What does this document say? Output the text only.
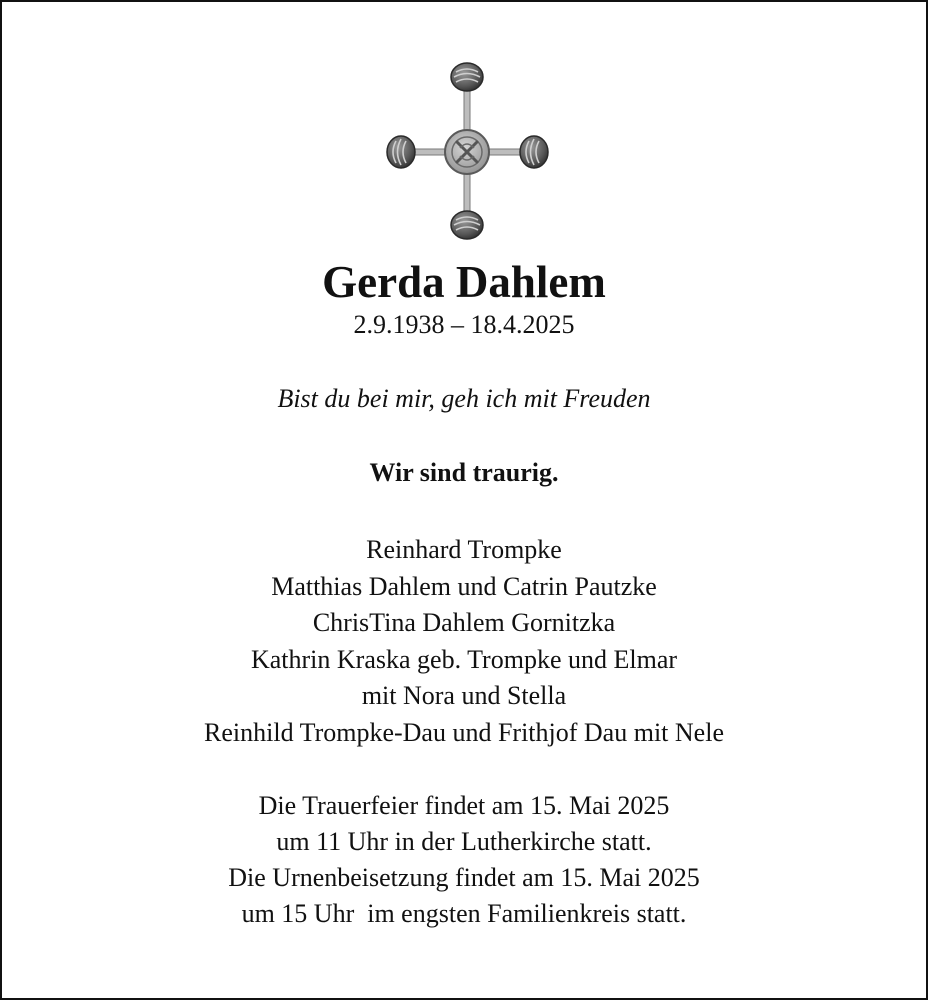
Gerda Dahlem
2.9.1938 – 18.4.2025
Bist du bei mir, geh ich mit Freuden
Wir sind traurig.
Reinhard Trompke
Matthias Dahlem und Catrin Pautzke
ChrisTina Dahlem Gornitzka
Kathrin Kraska geb. Trompke und Elmar
mit Nora und Stella
Reinhild Trompke-Dau und Frithjof Dau mit Nele
Die Trauerfeier findet am 15. Mai 2025
um 11 Uhr in der Lutherkirche statt.
Die Urnenbeisetzung findet am 15. Mai 2025
um 15 Uhr  im engsten Familienkreis statt.
